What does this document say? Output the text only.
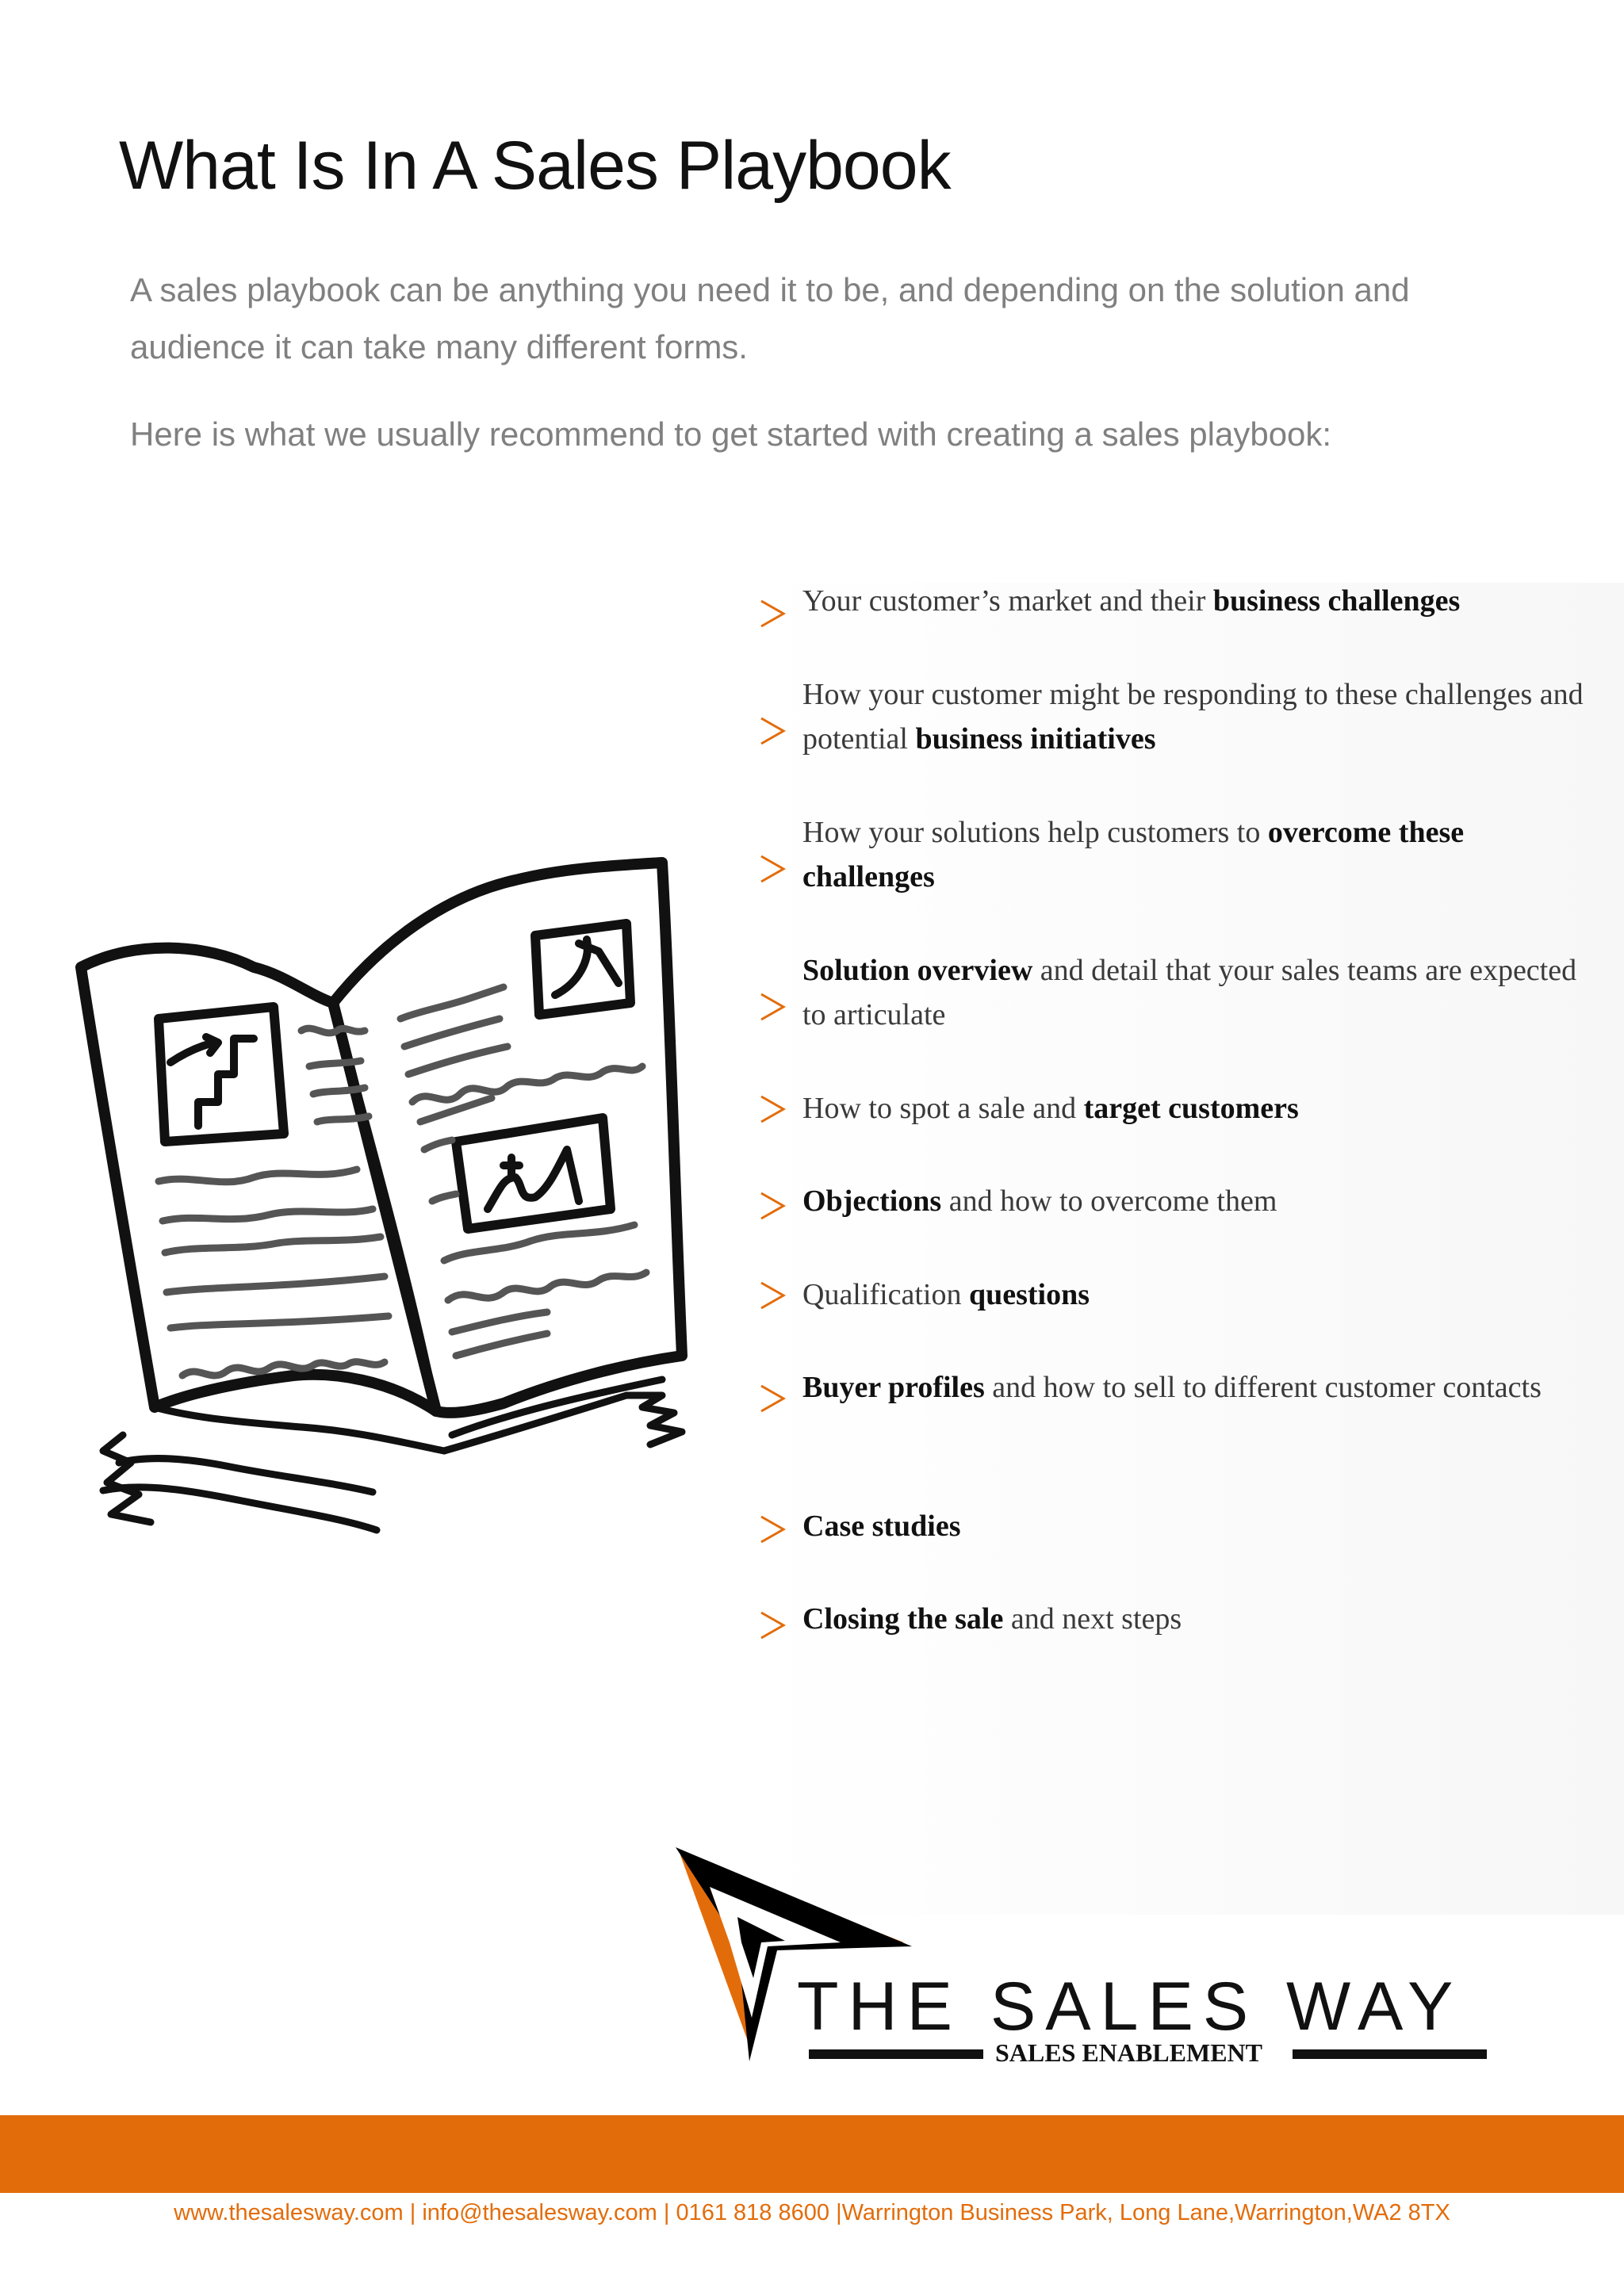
What Is In A Sales Playbook

A sales playbook can be anything you need it to be, and depending on the solution and audience it can take many different forms.

Here is what we usually recommend to get started with creating a sales playbook:

Your customer’s market and their business challenges
How your customer might be responding to these challenges and potential business initiatives
How your solutions help customers to overcome these challenges
Solution overview and detail that your sales teams are expected to articulate
How to spot a sale and target customers
Objections and how to overcome them
Qualification questions
Buyer profiles and how to sell to different customer contacts
Case studies
Closing the sale and next steps
THE SALES WAY
SALES ENABLEMENT
www.thesalesway.com | info@thesalesway.com | 0161 818 8600 |Warrington Business Park, Long Lane,Warrington,WA2 8TX
